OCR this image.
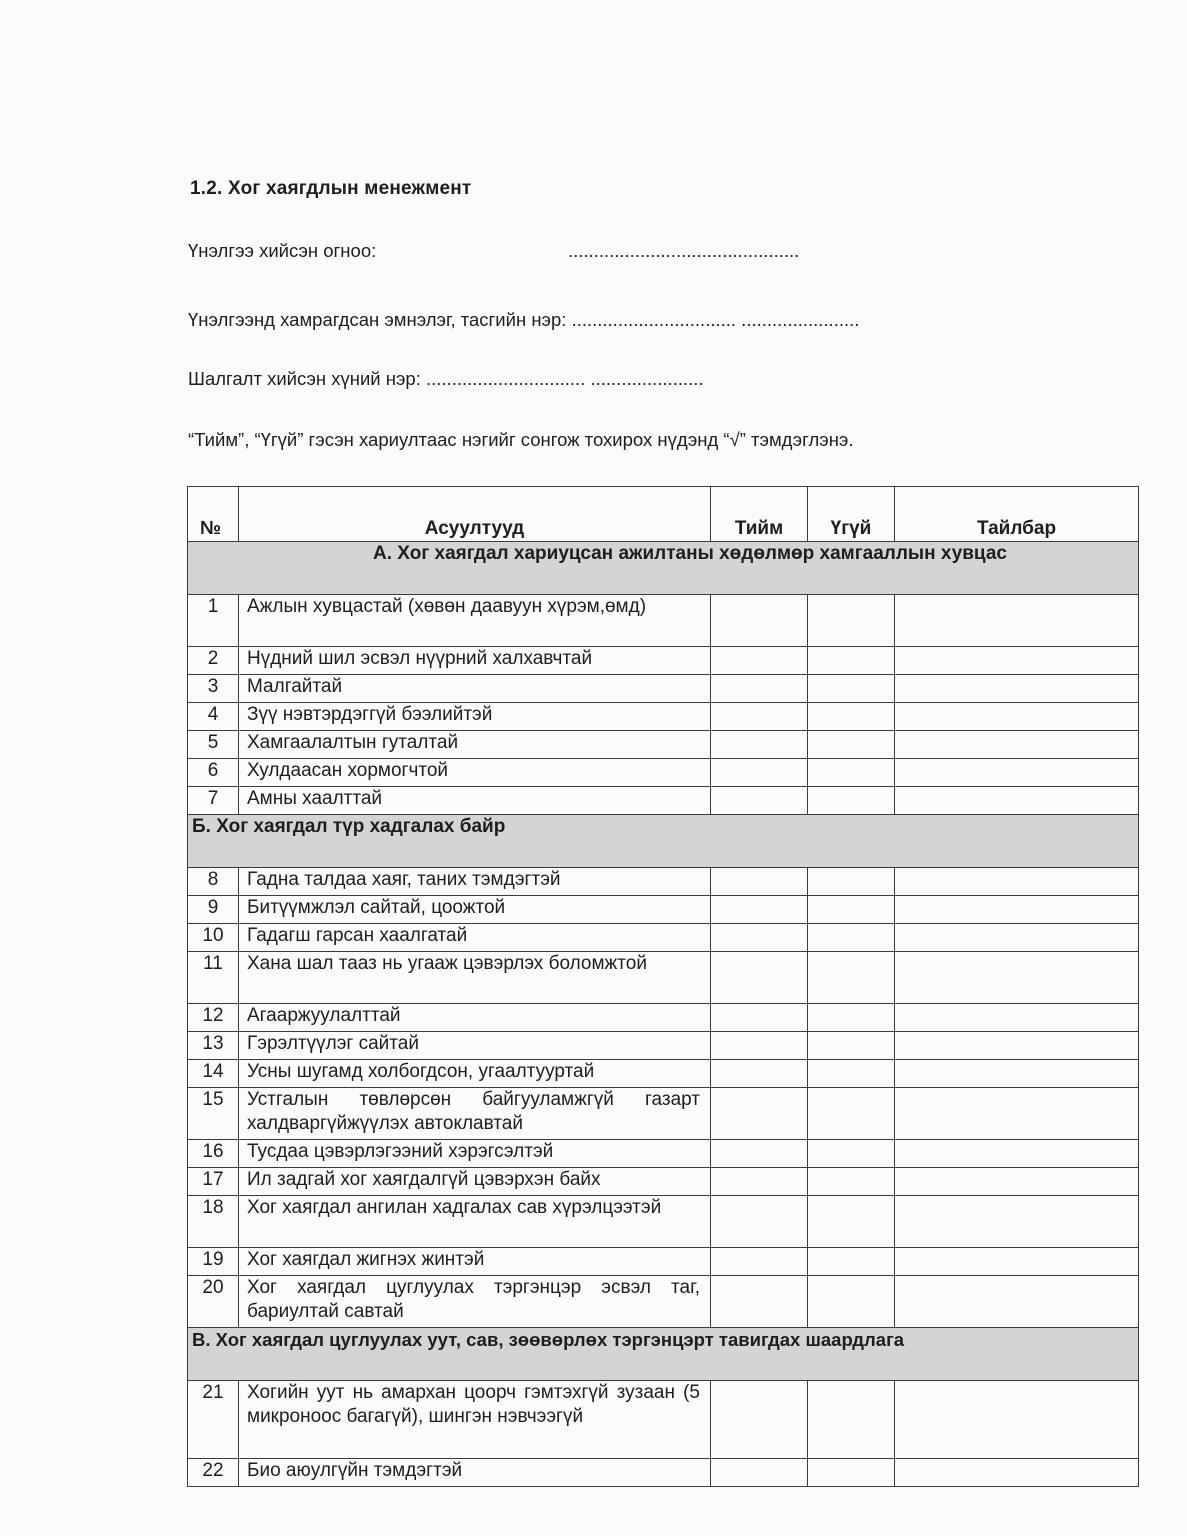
1.2. Хог хаягдлын менежмент
Үнэлгээ хийсэн огноо:	.............................................
Үнэлгээнд хамрагдсан эмнэлэг, тасгийн нэр: ................................ .......................
Шалгалт хийсэн хүний нэр: ............................... ......................
“Тийм”, “Үгүй” гэсэн хариултаас нэгийг сонгож тохирох нүдэнд “√” тэмдэглэнэ.
№	Асуултууд	Тийм	Үгүй	Тайлбар
А. Хог хаягдал хариуцсан ажилтаны хөдөлмөр хамгааллын хувцас				
1	Ажлын хувцастай (хөвөн даавуун хүрэм,өмд)			
2	Нүдний шил эсвэл нүүрний халхавчтай			
3	Малгайтай			
4	Зүү нэвтэрдэггүй бээлийтэй			
5	Хамгаалалтын гуталтай			
6	Хулдаасан хормогчтой			
7	Амны хаалттай			
Б. Хог хаягдал түр хадгалах байр				
8	Гадна талдаа хаяг, таних тэмдэгтэй			
9	Битүүмжлэл сайтай, цоожтой			
10	Гадагш гарсан хаалгатай			
11	Хана шал тааз нь угааж цэвэрлэх боломжтой			
12	Агааржуулалттай			
13	Гэрэлтүүлэг сайтай			
14	Усны шугамд холбогдсон, угаалтууртай			
15	Устгалын төвлөрсөн байгууламжгүй газарт халдваргүйжүүлэх автоклавтай			
16	Тусдаа цэвэрлэгээний хэрэгсэлтэй			
17	Ил задгай хог хаягдалгүй цэвэрхэн байх			
18	Хог хаягдал ангилан хадгалах сав хүрэлцээтэй			
19	Хог хаягдал жигнэх жинтэй			
20	Хог хаягдал цуглуулах тэргэнцэр эсвэл таг, бариултай савтай			
В. Хог хаягдал цуглуулах уут, сав, зөөвөрлөх тэргэнцэрт тавигдах шаардлага				
21	Хогийн уут нь амархан цоорч гэмтэхгүй зузаан (5 микроноос багагүй), шингэн нэвчээгүй			
22	Био аюулгүйн тэмдэгтэй			
